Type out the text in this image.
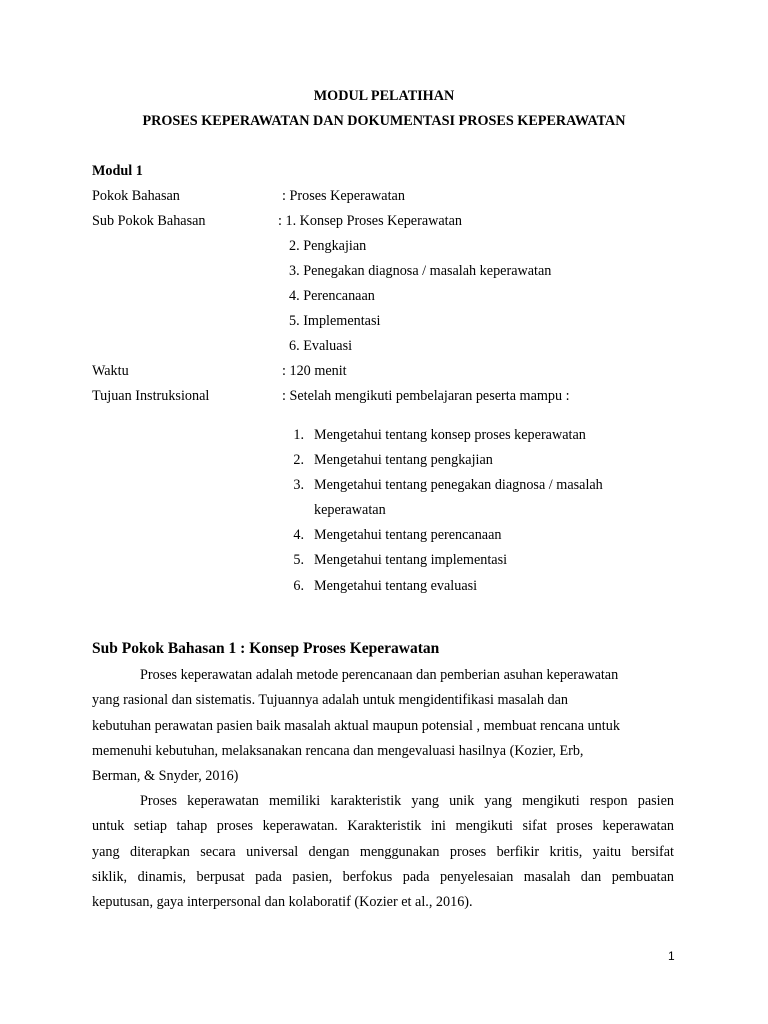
MODUL PELATIHAN
PROSES KEPERAWATAN DAN DOKUMENTASI PROSES KEPERAWATAN
Modul 1
Pokok Bahasan	: Proses Keperawatan
Sub Pokok Bahasan	: 1. Konsep Proses Keperawatan
2. Pengkajian
3. Penegakan diagnosa / masalah keperawatan
4. Perencanaan
5. Implementasi
6. Evaluasi
Waktu	: 120 menit
Tujuan Instruksional	: Setelah mengikuti pembelajaran peserta mampu :
1. Mengetahui tentang konsep proses keperawatan
2. Mengetahui tentang pengkajian
3. Mengetahui tentang penegakan diagnosa / masalah
keperawatan
4. Mengetahui tentang perencanaan
5. Mengetahui tentang implementasi
6. Mengetahui tentang evaluasi
Sub Pokok Bahasan 1 : Konsep Proses Keperawatan
Proses keperawatan adalah metode perencanaan dan pemberian asuhan keperawatan
yang rasional dan sistematis. Tujuannya adalah untuk mengidentifikasi masalah dan
kebutuhan perawatan pasien baik masalah aktual maupun potensial , membuat rencana untuk
memenuhi kebutuhan, melaksanakan rencana dan mengevaluasi hasilnya (Kozier, Erb,
Berman, & Snyder, 2016)
Proses keperawatan memiliki karakteristik yang unik yang mengikuti respon pasien
untuk setiap tahap proses keperawatan. Karakteristik ini mengikuti sifat proses keperawatan
yang diterapkan secara universal dengan menggunakan proses berfikir kritis, yaitu bersifat
siklik, dinamis, berpusat pada pasien, berfokus pada penyelesaian masalah dan pembuatan
keputusan, gaya interpersonal dan kolaboratif (Kozier et al., 2016).
1
